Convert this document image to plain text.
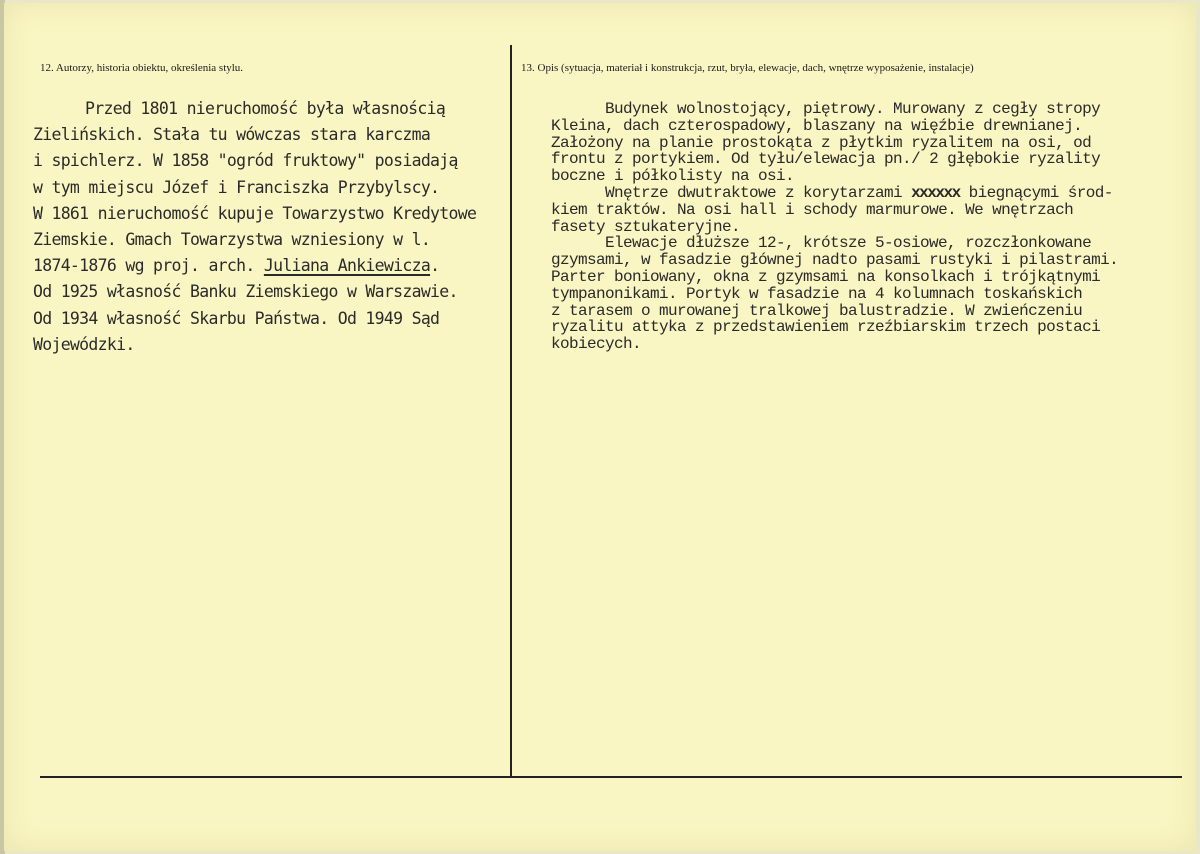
12. Autorzy, historia obiektu, określenia stylu.	13. Opis (sytuacja, materiał i konstrukcja, rzut, bryła, elewacje, dach, wnętrze wyposażenie, instalacje)
Przed 1801 nieruchomość była własnością
Zielińskich. Stała tu wówczas stara karczma
i spichlerz. W 1858 "ogród fruktowy" posiadają
w tym miejscu Józef i Franciszka Przybylscy.
W 1861 nieruchomość kupuje Towarzystwo Kredytowe
Ziemskie. Gmach Towarzystwa wzniesiony w l.
1874-1876 wg proj. arch. Juliana Ankiewicza.
Od 1925 własność Banku Ziemskiego w Warszawie.
Od 1934 własność Skarbu Państwa. Od 1949 Sąd
Wojewódzki.
Budynek wolnostojący, piętrowy. Murowany z cegły stropy
Kleina, dach czterospadowy, blaszany na więźbie drewnianej.
Założony na planie prostokąta z płytkim ryzalitem na osi, od
frontu z portykiem. Od tyłu/elewacja pn./ 2 głębokie ryzality
boczne i półkolisty na osi.
Wnętrze dwutraktowe z korytarzami xxxxxx biegnącymi środ-
kiem traktów. Na osi hall i schody marmurowe. We wnętrzach
fasety sztukateryjne.
Elewacje dłuższe 12-, krótsze 5-osiowe, rozczłonkowane
gzymsami, w fasadzie głównej nadto pasami rustyki i pilastrami.
Parter boniowany, okna z gzymsami na konsolkach i trójkątnymi
tympanonikami. Portyk w fasadzie na 4 kolumnach toskańskich
z tarasem o murowanej tralkowej balustradzie. W zwieńczeniu
ryzalitu attyka z przedstawieniem rzeźbiarskim trzech postaci
kobiecych.
